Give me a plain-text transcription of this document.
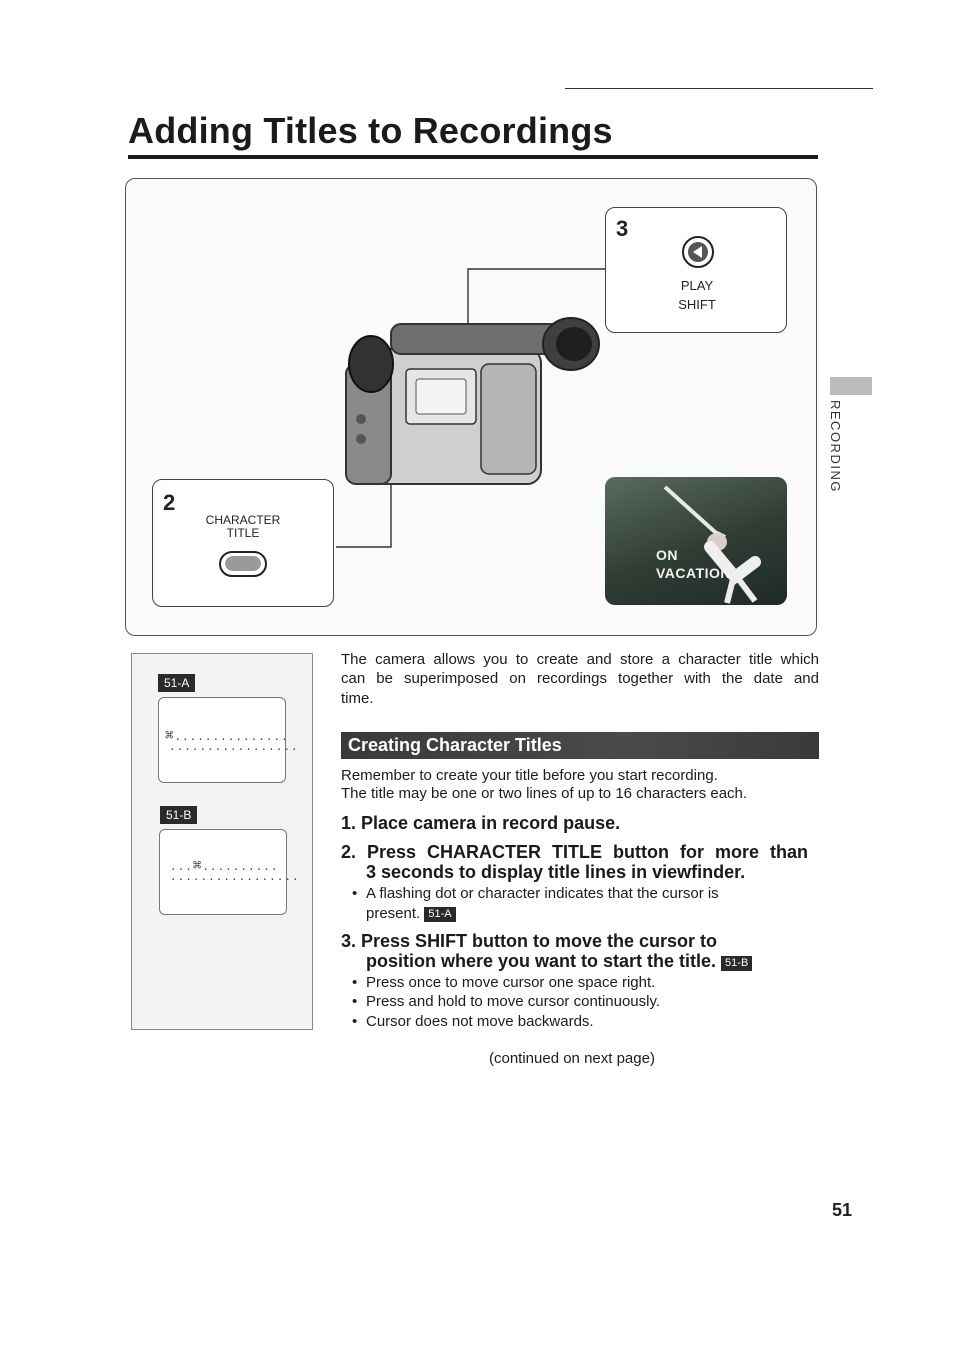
Adding Titles to Recordings
3
PLAY
SHIFT
2
CHARACTER
TITLE
ON
VACATION
51-A
⌘...............
.................
51-B
...⌘..........
.................
The camera allows you to create and store a character title which
can be superimposed on recordings together with the date and
time.
Creating Character Titles
Remember to create your title before you start recording.
The title may be one or two lines of up to 16 characters each.
1. Place camera in record pause.
2. Press CHARACTER TITLE button for more than
3 seconds to display title lines in viewfinder.
• A flashing dot or character indicates that the cursor is
present. 51-A
3. Press SHIFT button to move the cursor to
position where you want to start the title. 51-B
• Press once to move cursor one space right.
• Press and hold to move cursor continuously.
• Cursor does not move backwards.
(continued on next page)
RECORDING
51
